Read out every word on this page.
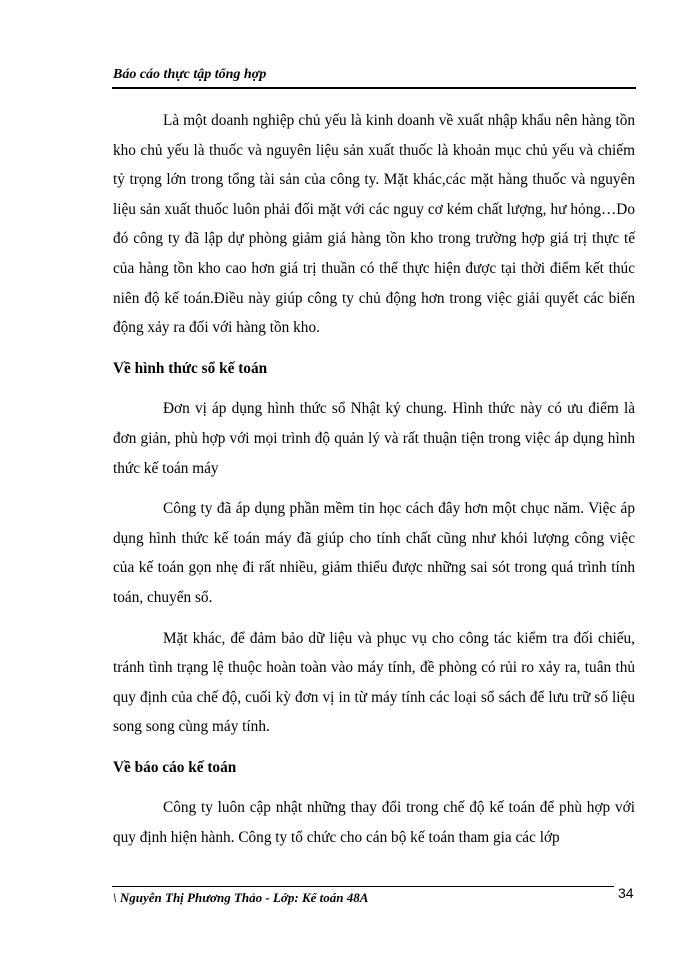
Báo cáo thực tập tổng hợp

Là một doanh nghiệp chủ yếu là kinh doanh về xuất nhập khẩu nên hàng tồn kho chủ yếu là thuốc và nguyên liệu sản xuất thuốc là khoản mục chủ yếu và chiếm tỷ trọng lớn trong tổng tài sản của công ty. Mặt khác,các mặt hàng thuốc và nguyên liệu sản xuất thuốc luôn phải đối mặt với các nguy cơ kém chất lượng, hư hỏng…Do đó công ty đã lập dự phòng giảm giá hàng tồn kho trong trường hợp giá trị thực tế của hàng tồn kho cao hơn giá trị thuần có thể thực hiện được tại thời điểm kết thúc niên độ kế toán.Điều này giúp công ty chủ động hơn trong việc giải quyết các biến động xảy ra đối với hàng tồn kho.

Về hình thức sổ kế toán

Đơn vị áp dụng hình thức sổ Nhật ký chung. Hình thức này có ưu điểm là đơn giản, phù hợp với mọi trình độ quản lý và rất thuận tiện trong việc áp dụng hình thức kế toán máy

Công ty đã áp dụng phần mềm tin học cách đây hơn một chục năm. Việc áp dụng hình thức kế toán máy đã giúp cho tính chất cũng như khói lượng công việc của kế toán gọn nhẹ đi rất nhiều, giảm thiểu được những sai sót trong quá trình tính toán, chuyển sổ.

Mặt khác, để đảm bảo dữ liệu và phục vụ cho công tác kiểm tra đối chiếu, tránh tình trạng lệ thuộc hoàn toàn vào máy tính, đề phòng có rủi ro xảy ra, tuân thủ quy định của chế độ, cuối kỳ đơn vị in từ máy tính các loại sổ sách để lưu trữ số liệu song song cùng máy tính.

Về báo cáo kế toán

Công ty luôn cập nhật những thay đổi trong chế độ kế toán để phù hợp với quy định hiện hành. Công ty tổ chức cho cán bộ kế toán tham gia các lớp

\ Nguyễn Thị Phương Thảo - Lớp: Kế toán 48A	34
